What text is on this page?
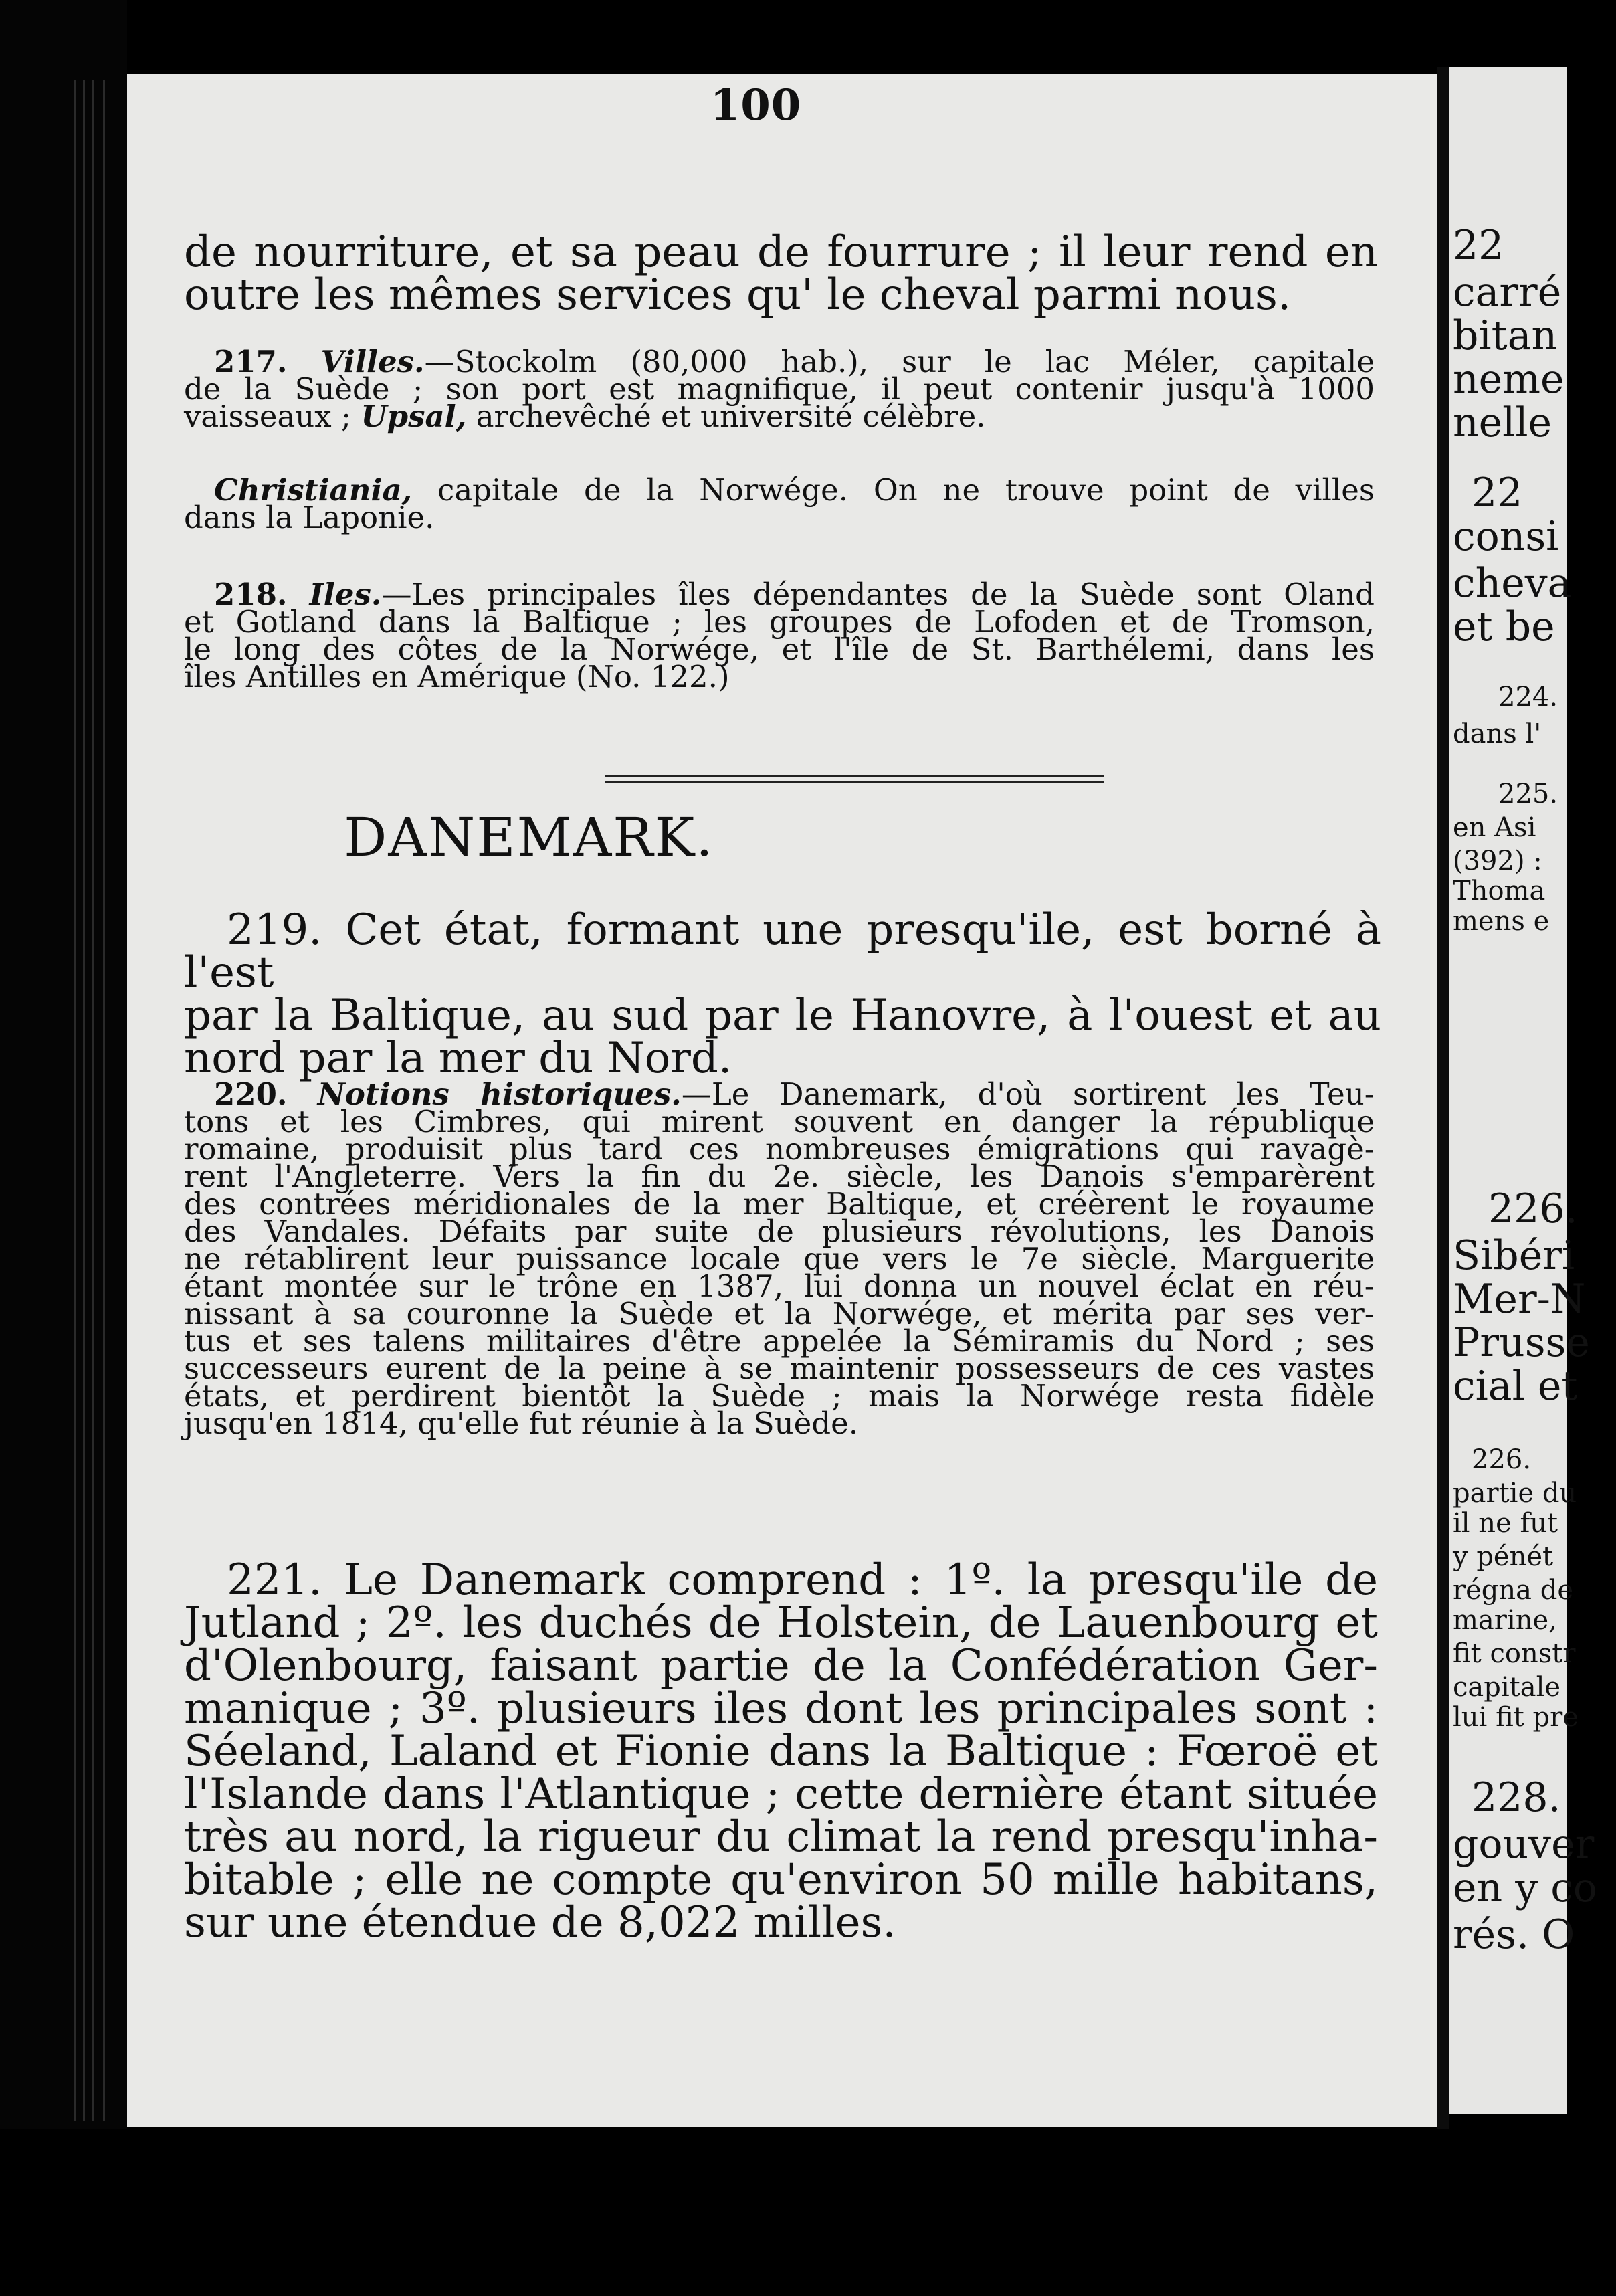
100

de nourriture, et sa peau de fourrure ; il leur rend en

outre les mêmes services qu' le cheval parmi nous.

 217. Villes.—Stockolm (80,000 hab.), sur le lac Méler, capitale
de la Suède ; son port est magnifique, il peut contenir jusqu'à 1000
vaisseaux ; Upsal, archevêché et université célèbre.
 Christiania, capitale de la Norwége. On ne trouve point de villes
dans la Laponie.
 218. Iles.—Les principales îles dépendantes de la Suède sont Oland
et Gotland dans la Baltique ; les groupes de Lofoden et de Tromson,
le long des côtes de la Norwége, et l'île de St. Barthélemi, dans les
îles Antilles en Amérique (No. 122.)
DANEMARK.

 219. Cet état, formant une presqu'ile, est borné à l'est

par la Baltique, au sud par le Hanovre, à l'ouest et au

nord par la mer du Nord.

 220. Notions historiques.—Le Danemark, d'où sortirent les Teu-
tons et les Cimbres, qui mirent souvent en danger la république
romaine, produisit plus tard ces nombreuses émigrations qui ravagè-
rent l'Angleterre. Vers la fin du 2e. siècle, les Danois s'emparèrent
des contrées méridionales de la mer Baltique, et créèrent le royaume
des Vandales. Défaits par suite de plusieurs révolutions, les Danois
ne rétablirent leur puissance locale que vers le 7e siècle. Marguerite
étant montée sur le trône en 1387, lui donna un nouvel éclat en réu-
nissant à sa couronne la Suède et la Norwége, et mérita par ses ver-
tus et ses talens militaires d'être appelée la Sémiramis du Nord ; ses
successeurs eurent de la peine à se maintenir possesseurs de ces vastes
états, et perdirent bientôt la Suède ; mais la Norwége resta fidèle
jusqu'en 1814, qu'elle fut réunie à la Suède.

 221. Le Danemark comprend : 1º. la presqu'ile de

Jutland ; 2º. les duchés de Holstein, de Lauenbourg et

d'Olenbourg, faisant partie de la Confédération Ger-

manique ; 3º. plusieurs iles dont les principales sont :

Séeland, Laland et Fionie dans la Baltique : Fœroë et

l'Islande dans l'Atlantique ; cette dernière étant située

très au nord, la rigueur du climat la rend presqu'inha-

bitable ; elle ne compte qu'environ 50 mille habitans,

sur une étendue de 8,022 milles.

22
carré
bitan
neme
nelle
22
consi
cheva
et be
224.
dans l'
225.
en Asi
(392) :
Thoma
mens e
226.
Sibéri
Mer-N
Prusse
cial et
226.
partie du
il ne fut
y pénét
régna de
marine,
fit constr
capitale
lui fit pre
228.
gouver
en y co
rés. O
